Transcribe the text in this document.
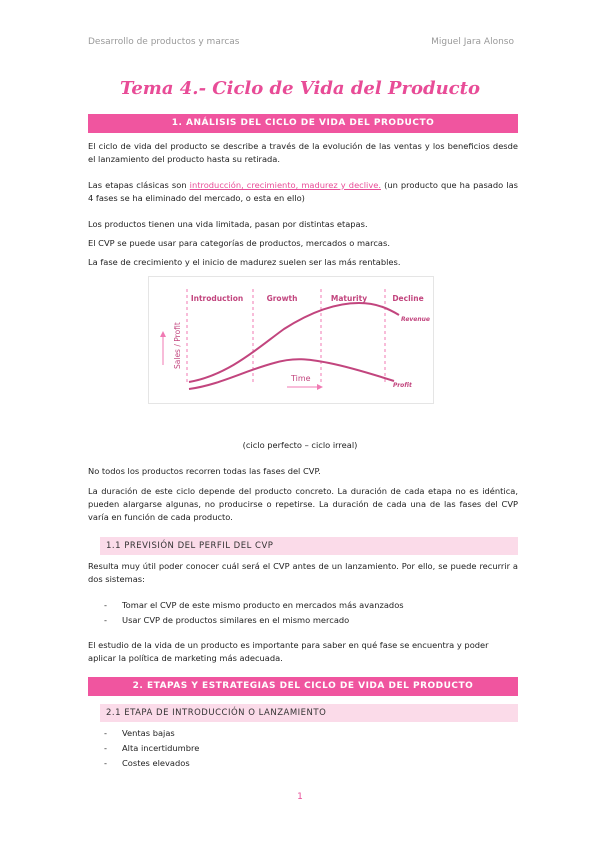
Desarrollo de productos y marcas	Miguel Jara Alonso
Tema 4.- Ciclo de Vida del Producto
1. ANÁLISIS DEL CICLO DE VIDA DEL PRODUCTO
El ciclo de vida del producto se describe a través de la evolución de las ventas y los beneficios desde el lanzamiento del producto hasta su retirada.
Las etapas clásicas son introducción, crecimiento, madurez y declive. (un producto que ha pasado las 4 fases se ha eliminado del mercado, o esta en ello)
Los productos tienen una vida limitada, pasan por distintas etapas.
El CVP se puede usar para categorías de productos, mercados o marcas.
La fase de crecimiento y el inicio de madurez suelen ser las más rentables.
Introduction	Growth	Maturity	Decline
Sales / Profit
Revenue
Profit
Time
(ciclo perfecto – ciclo irreal)
No todos los productos recorren todas las fases del CVP.
La duración de este ciclo depende del producto concreto. La duración de cada etapa no es idéntica, pueden alargarse algunas, no producirse o repetirse. La duración de cada una de las fases del CVP varía en función de cada producto.
1.1 PREVISIÓN DEL PERFIL DEL CVP
Resulta muy útil poder conocer cuál será el CVP antes de un lanzamiento. Por ello, se puede recurrir a dos sistemas:
- Tomar el CVP de este mismo producto en mercados más avanzados
- Usar CVP de productos similares en el mismo mercado
El estudio de la vida de un producto es importante para saber en qué fase se encuentra y poder aplicar la política de marketing más adecuada.
2. ETAPAS Y ESTRATEGIAS DEL CICLO DE VIDA DEL PRODUCTO
2.1 ETAPA DE INTRODUCCIÓN O LANZAMIENTO
- Ventas bajas
- Alta incertidumbre
- Costes elevados
1
